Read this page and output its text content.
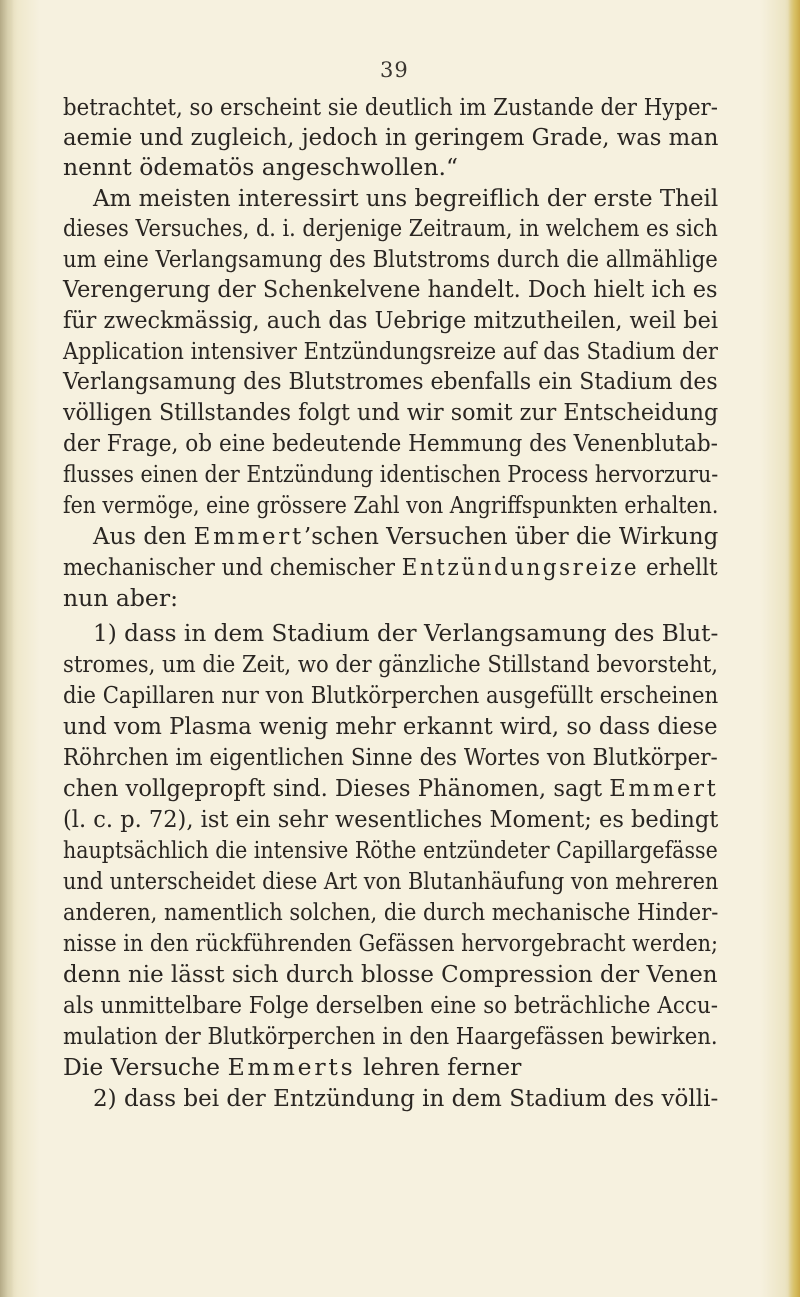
39
betrachtet, so erscheint sie deutlich im Zustande der Hyper-
aemie und zugleich, jedoch in geringem Grade, was man
nennt ödematös angeschwollen.“
Am meisten interessirt uns begreiflich der erste Theil
dieses Versuches, d. i. derjenige Zeitraum, in welchem es sich
um eine Verlangsamung des Blutstroms durch die allmählige
Verengerung der Schenkelvene handelt. Doch hielt ich es
für zweckmässig, auch das Uebrige mitzutheilen, weil bei
Application intensiver Entzündungsreize auf das Stadium der
Verlangsamung des Blutstromes ebenfalls ein Stadium des
völligen Stillstandes folgt und wir somit zur Entscheidung
der Frage, ob eine bedeutende Hemmung des Venenblutab-
flusses einen der Entzündung identischen Process hervorzuru-
fen vermöge, eine grössere Zahl von Angriffspunkten erhalten.
Aus den Emmert’schen Versuchen über die Wirkung
mechanischer und chemischer Entzündungsreize erhellt
nun aber:
1) dass in dem Stadium der Verlangsamung des Blut-
stromes, um die Zeit, wo der gänzliche Stillstand bevorsteht,
die Capillaren nur von Blutkörperchen ausgefüllt erscheinen
und vom Plasma wenig mehr erkannt wird, so dass diese
Röhrchen im eigentlichen Sinne des Wortes von Blutkörper-
chen vollgepropft sind. Dieses Phänomen, sagt Emmert
(l. c. p. 72), ist ein sehr wesentliches Moment; es bedingt
hauptsächlich die intensive Röthe entzündeter Capillargefässe
und unterscheidet diese Art von Blutanhäufung von mehreren
anderen, namentlich solchen, die durch mechanische Hinder-
nisse in den rückführenden Gefässen hervorgebracht werden;
denn nie lässt sich durch blosse Compression der Venen
als unmittelbare Folge derselben eine so beträchliche Accu-
mulation der Blutkörperchen in den Haargefässen bewirken.
Die Versuche Emmerts lehren ferner
2) dass bei der Entzündung in dem Stadium des völli-
